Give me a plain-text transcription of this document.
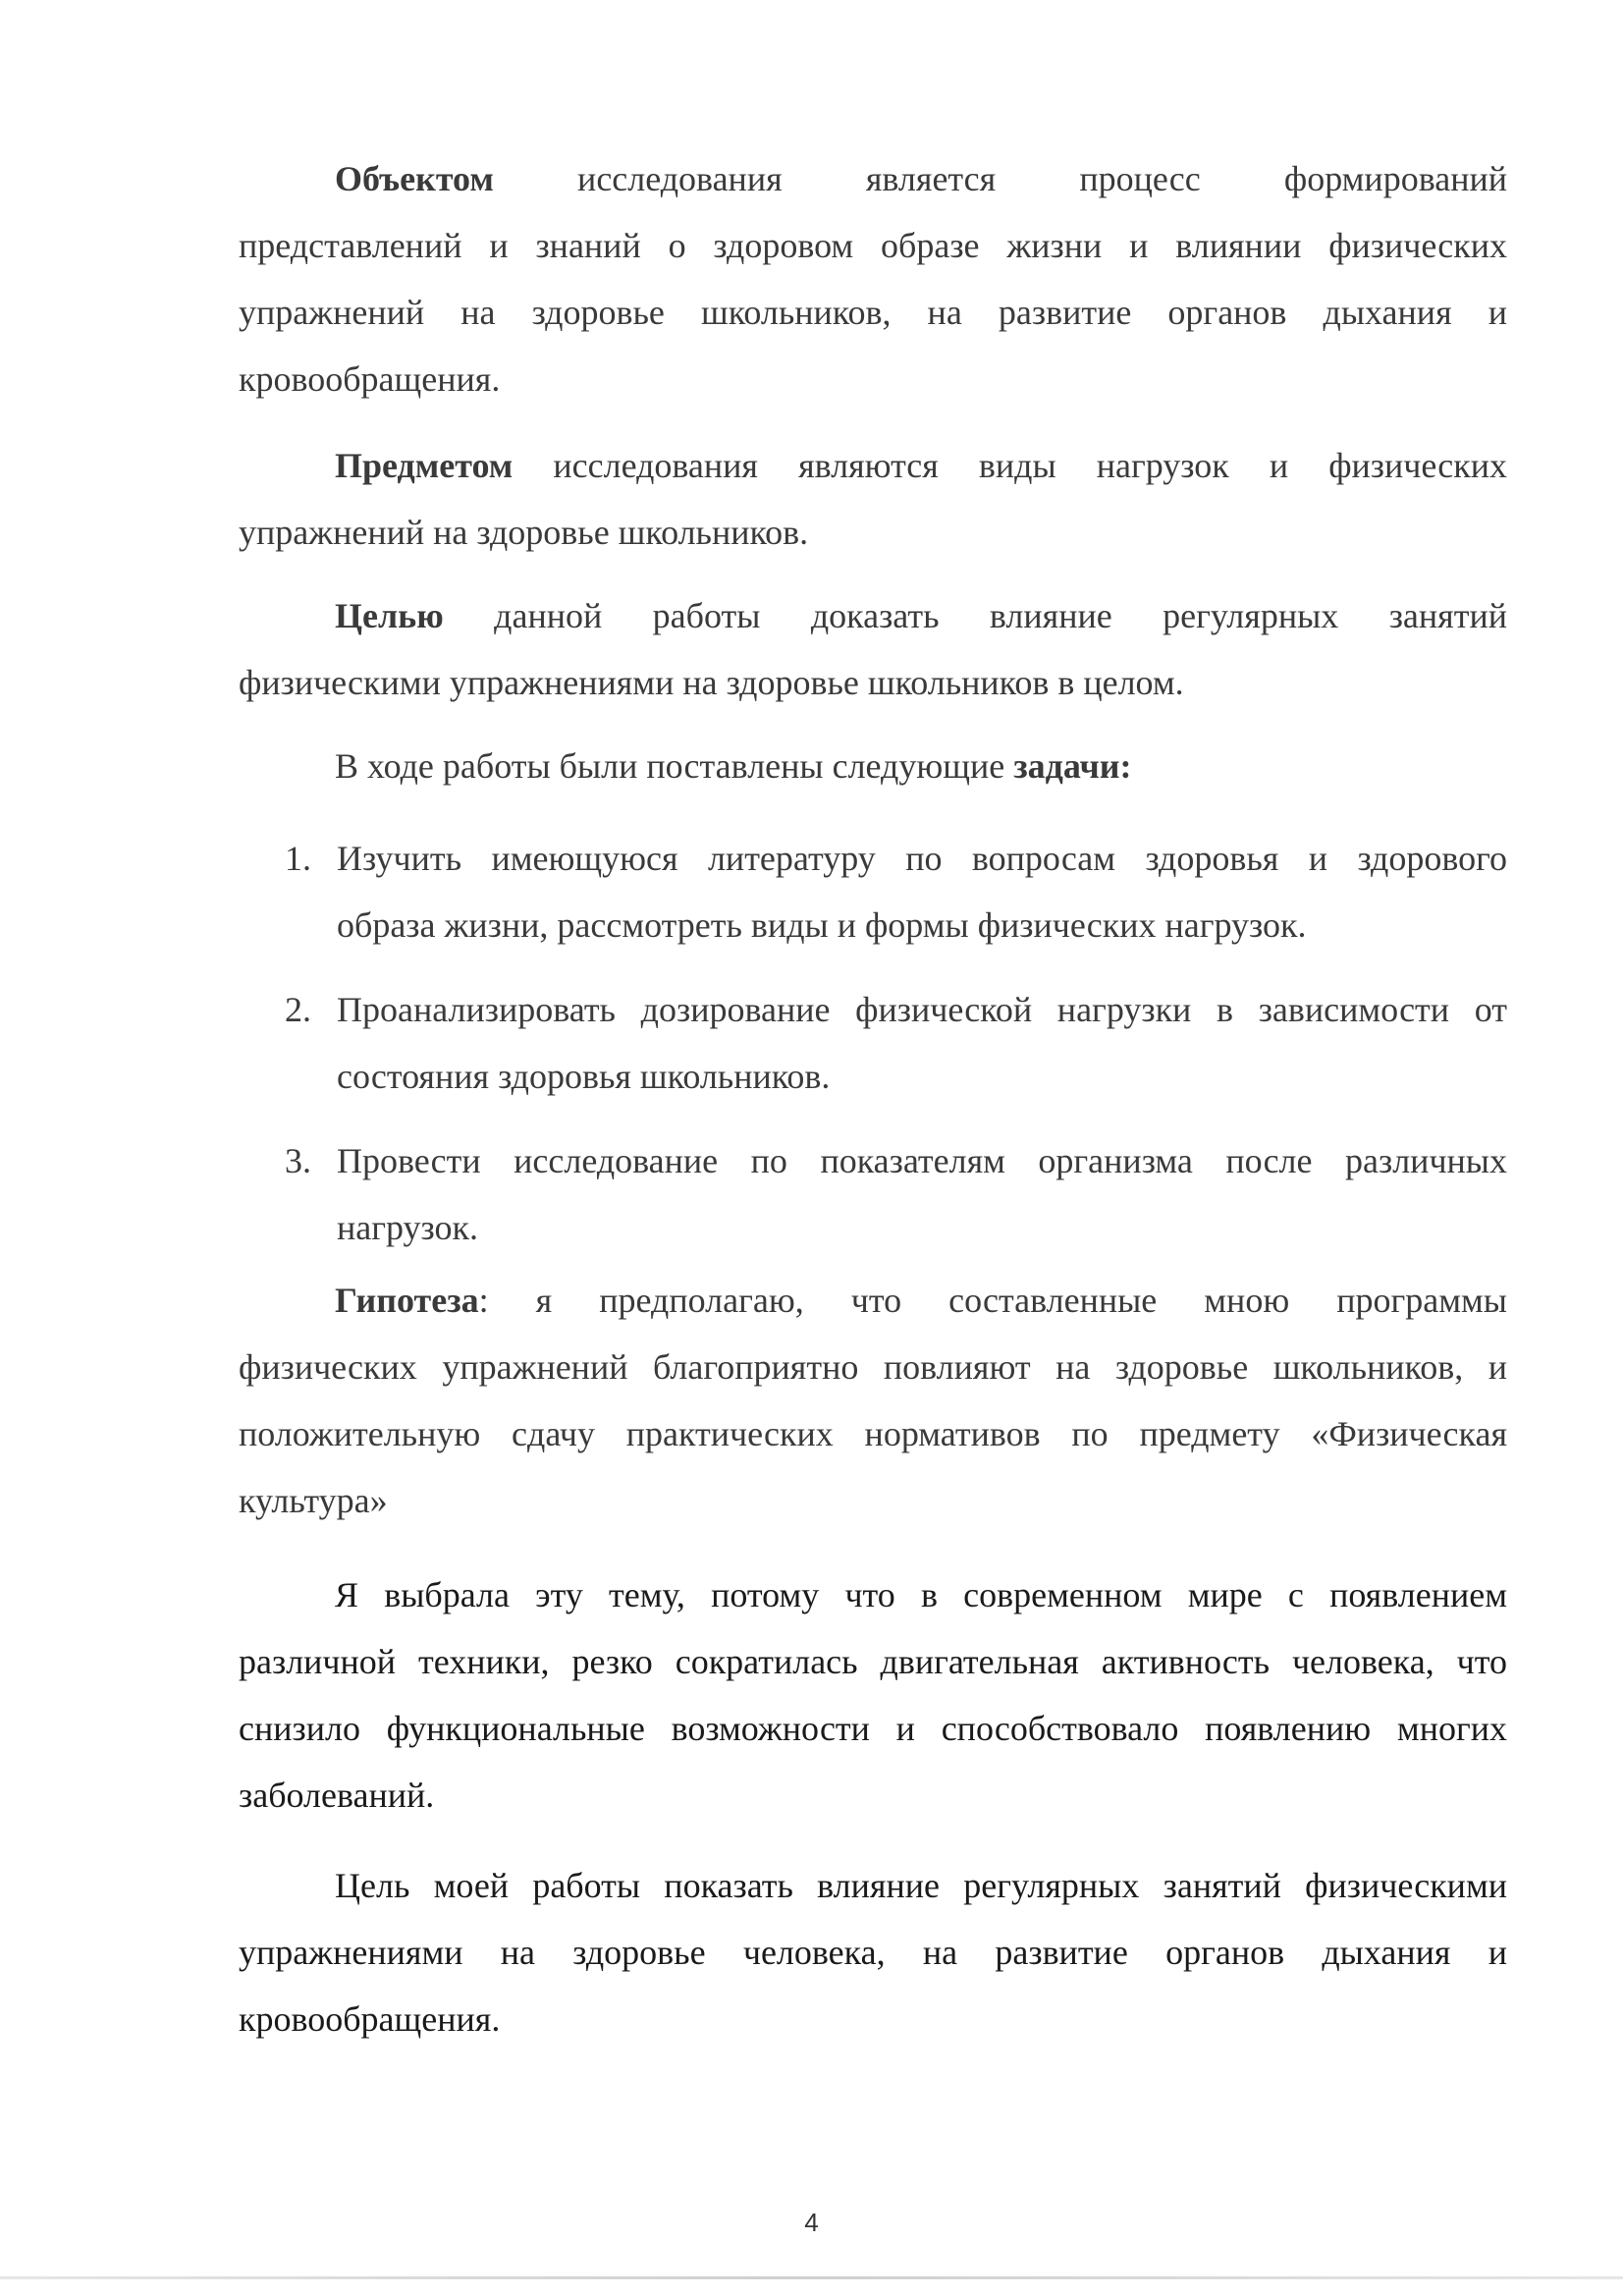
Объектом исследования является процесс формирований
представлений и знаний о здоровом образе жизни и влиянии физических упражнений на здоровье школьников, на развитие органов дыхания и кровообращения.

Предметом исследования являются виды нагрузок и физических
упражнений на здоровье школьников.

Целью данной работы доказать влияние регулярных занятий
физическими упражнениями на здоровье школьников в целом.

В ходе работы были поставлены следующие задачи:

1. Изучить имеющуюся литературу по вопросам здоровья и здорового
образа жизни, рассмотреть виды и формы физических нагрузок.
2. Проанализировать дозирование физической нагрузки в зависимости от
состояния здоровья школьников.
3. Провести исследование по показателям организма после различных
нагрузок.

Гипотеза: я предполагаю, что составленные мною программы
физических упражнений благоприятно повлияют на здоровье школьников, и положительную сдачу практических нормативов по предмету «Физическая культура»

Я выбрала эту тему, потому что в современном мире с появлением
различной техники, резко сократилась двигательная активность человека, что снизило функциональные возможности и способствовало появлению многих заболеваний.

Цель моей работы показать влияние регулярных занятий физическими
упражнениями на здоровье человека, на развитие органов дыхания и кровообращения.

4
